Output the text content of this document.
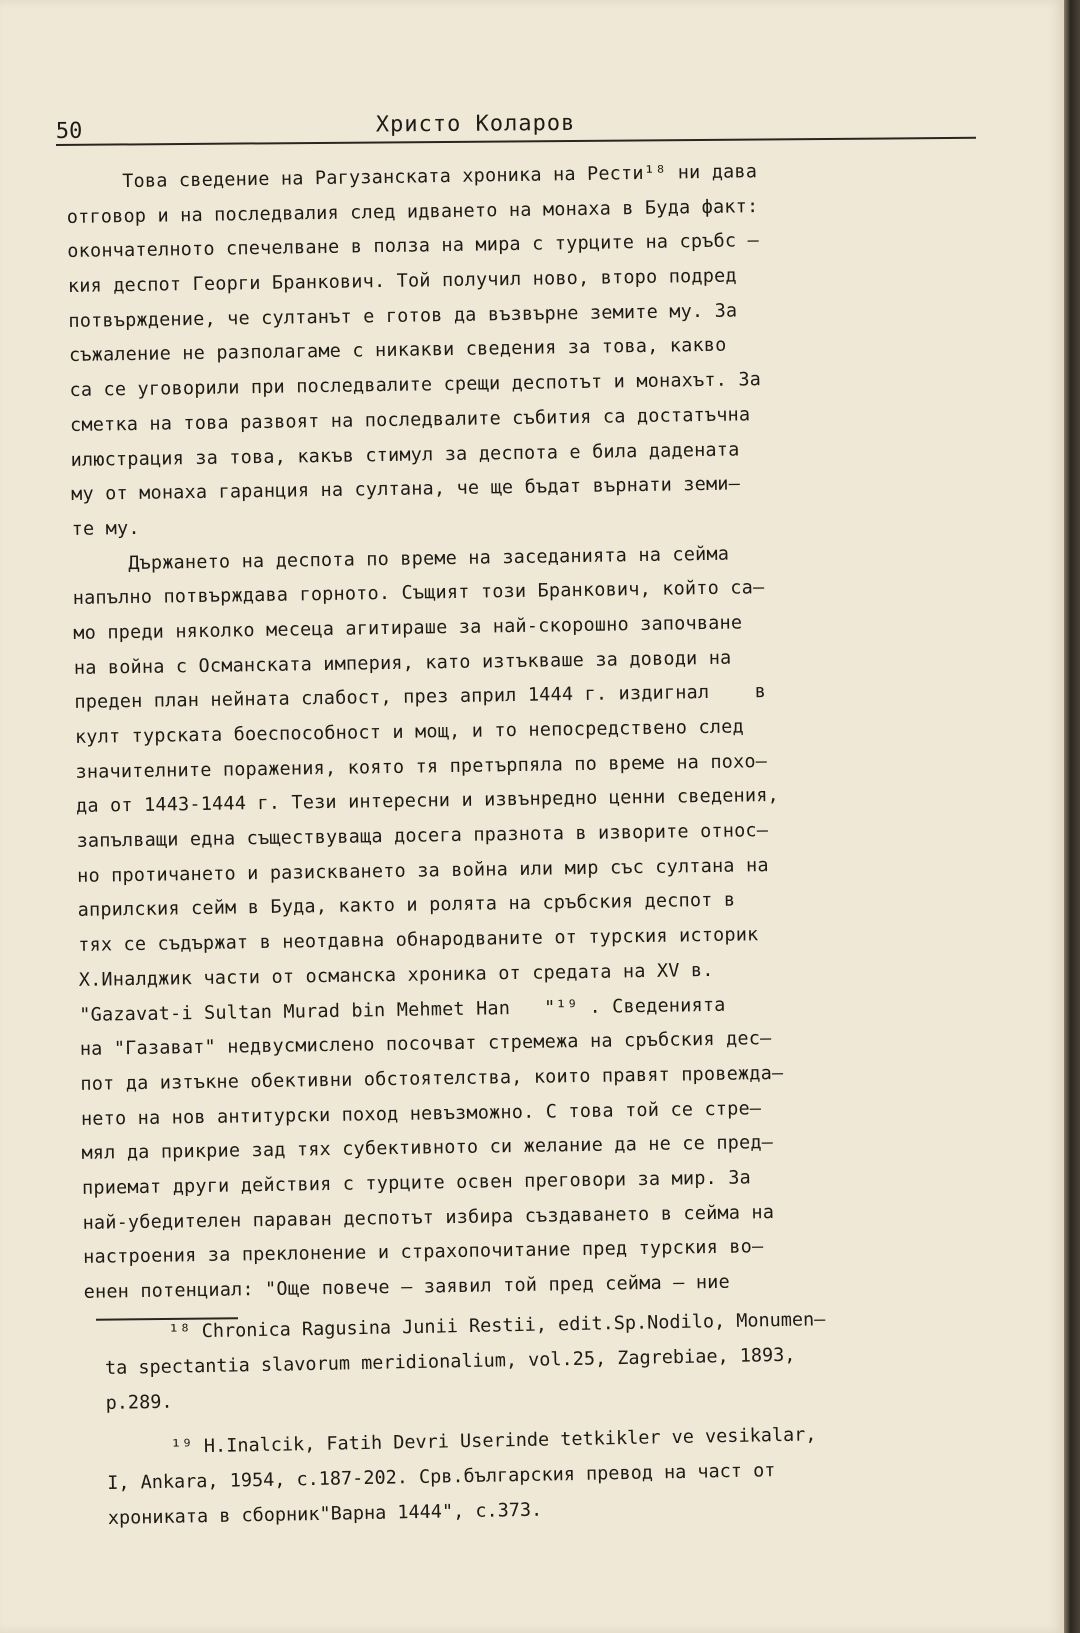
50	Христо Коларов
Това сведение на Рагузанската хроника на Рести¹⁸ ни дава
отговор и на последвалия след идването на монаха в Буда факт:
окончателното спечелване в полза на мира с турците на сръбс –
кия деспот Георги Бранкович. Той получил ново, второ подред
потвърждение, че султанът е готов да възвърне земите му. За
съжаление не разполагаме с никакви сведения за това, какво
са се уговорили при последвалите срещи деспотът и монахът. За
сметка на това развоят на последвалите събития са достатъчна
илюстрация за това, какъв стимул за деспота е била дадената
му от монаха гаранция на султана, че ще бъдат върнати земи–
те му.
Държането на деспота по време на заседанията на сейма
напълно потвърждава горното. Същият този Бранкович, който са–
мо преди няколко месеца агитираше за най-скорошно започване
на война с Османската империя, като изтъкваше за доводи на
преден план нейната слабост, през април 1444 г. издигнал    в
култ турската боеспособност и мощ, и то непосредствено след
значителните поражения, която тя претърпяла по време на похо–
да от 1443-1444 г. Тези интересни и извънредно ценни сведения,
запълващи една съществуваща досега празнота в изворите относ–
но протичането и разискването за война или мир със султана на
априлския сейм в Буда, както и ролята на сръбския деспот в
тях се съдържат в неотдавна обнародваните от турския историк
Х.Иналджик части от османска хроника от средата на XV в.
"Gazavat-i Sultan Murad bin Mehmet Han   "¹⁹ . Сведенията
на "Газават" недвусмислено посочват стремежа на сръбския дес–
пот да изтъкне обективни обстоятелства, които правят провежда–
нето на нов антитурски поход невъзможно. С това той се стре–
мял да прикрие зад тях субективното си желание да не се пред–
приемат други действия с турците освен преговори за мир. За
най-убедителен параван деспотът избира създаването в сейма на
настроения за преклонение и страхопочитание пред турския во–
енен потенциал: "Още повече – заявил той пред сейма – ние
¹⁸ Chronica Ragusina Junii Restii, edit.Sp.Nodilo, Monumen–
ta spectantia slavorum meridionalium, vol.25, Zagrebiae, 1893,
p.289.
¹⁹ H.Inalcik, Fatih Devri Userinde tetkikler ve vesikalar,
I, Ankara, 1954, с.187-202. Срв.българския превод на част от
хрониката в сборник"Варна 1444", с.373.
